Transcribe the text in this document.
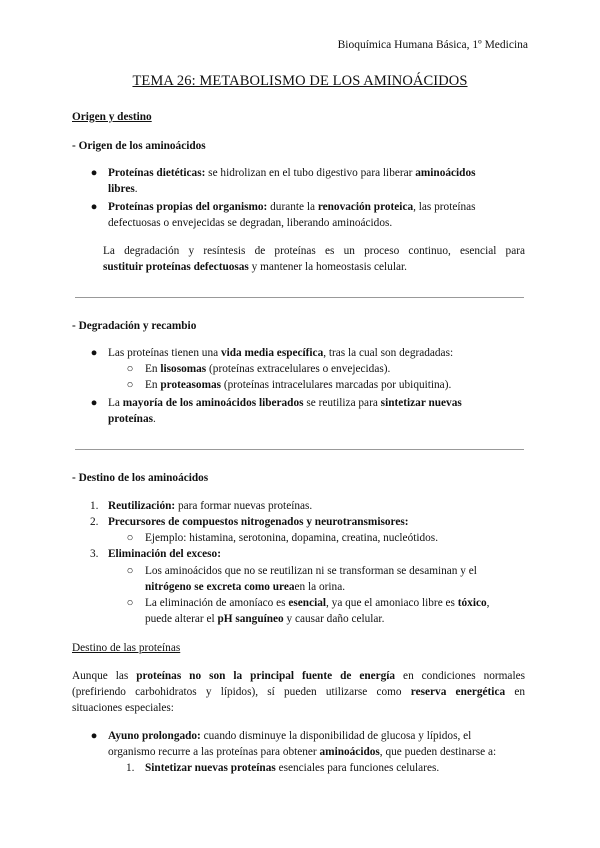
Bioquímica Humana Básica, 1º Medicina
TEMA 26: METABOLISMO DE LOS AMINOÁCIDOS
Origen y destino
- Origen de los aminoácidos
● Proteínas dietéticas: se hidrolizan en el tubo digestivo para liberar aminoácidos
libres.
● Proteínas propias del organismo: durante la renovación proteica, las proteínas
defectuosas o envejecidas se degradan, liberando aminoácidos.
La degradación y resíntesis de proteínas es un proceso continuo, esencial para
sustituir proteínas defectuosas y mantener la homeostasis celular.
- Degradación y recambio
● Las proteínas tienen una vida media específica, tras la cual son degradadas:
○	En lisosomas (proteínas extracelulares o envejecidas).
○	En proteasomas (proteínas intracelulares marcadas por ubiquitina).
● La mayoría de los aminoácidos liberados se reutiliza para sintetizar nuevas
proteínas.
- Destino de los aminoácidos
1. Reutilización: para formar nuevas proteínas.
2. Precursores de compuestos nitrogenados y neurotransmisores:
○	Ejemplo: histamina, serotonina, dopamina, creatina, nucleótidos.
3. Eliminación del exceso:
○	Los aminoácidos que no se reutilizan ni se transforman se desaminan y el
nitrógeno se excreta como ureaen la orina.
○	La eliminación de amoníaco es esencial, ya que el amoniaco libre es tóxico,
puede alterar el pH sanguíneo y causar daño celular.
Destino de las proteínas
Aunque las proteínas no son la principal fuente de energía en condiciones normales
(prefiriendo carbohidratos y lípidos), sí pueden utilizarse como reserva energética en
situaciones especiales:
● Ayuno prolongado: cuando disminuye la disponibilidad de glucosa y lípidos, el
organismo recurre a las proteínas para obtener aminoácidos, que pueden destinarse a:
1. Sintetizar nuevas proteínas esenciales para funciones celulares.
